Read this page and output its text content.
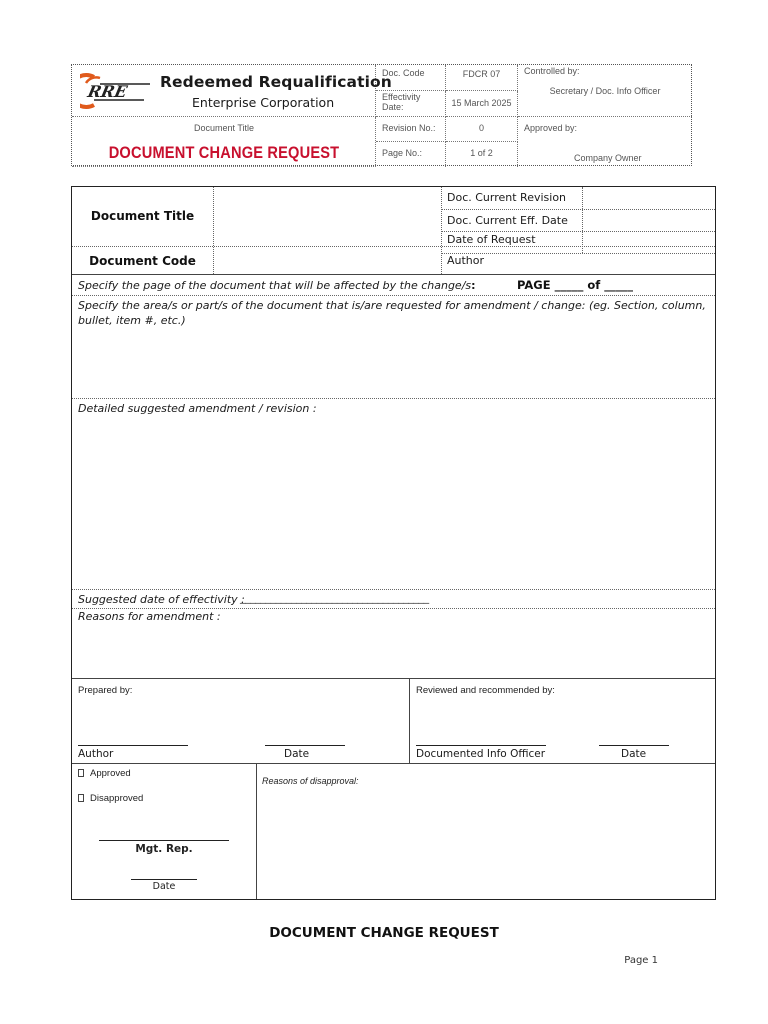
RRE
Redeemed Requalification
Enterprise Corporation
Document Title
DOCUMENT CHANGE REQUEST
Doc. Code	FDCR 07
Effectivity
Date:	15 March 2025
Revision No.:	0
Page No.:	1 of 2
Controlled by:
Secretary / Doc. Info Officer
Approved by:
Company Owner
Document Title
Document Code
Doc. Current Revision
Doc. Current Eff. Date
Date of Request
Author
Specify the page of the document that will be affected by the change/s:	PAGE _____ of _____
Specify the area/s or part/s of the document that is/are requested for amendment / change: (eg. Section, column, bullet, item #, etc.)
Detailed suggested amendment / revision :
Suggested date of effectivity :
_____________________________________
Reasons for amendment :
Prepared by:	Reviewed and recommended by:
Author	Date	Documented Info Officer	Date
Approved
Disapproved
Mgt. Rep.
Date
Reasons of disapproval:
DOCUMENT CHANGE REQUEST
Page 1
